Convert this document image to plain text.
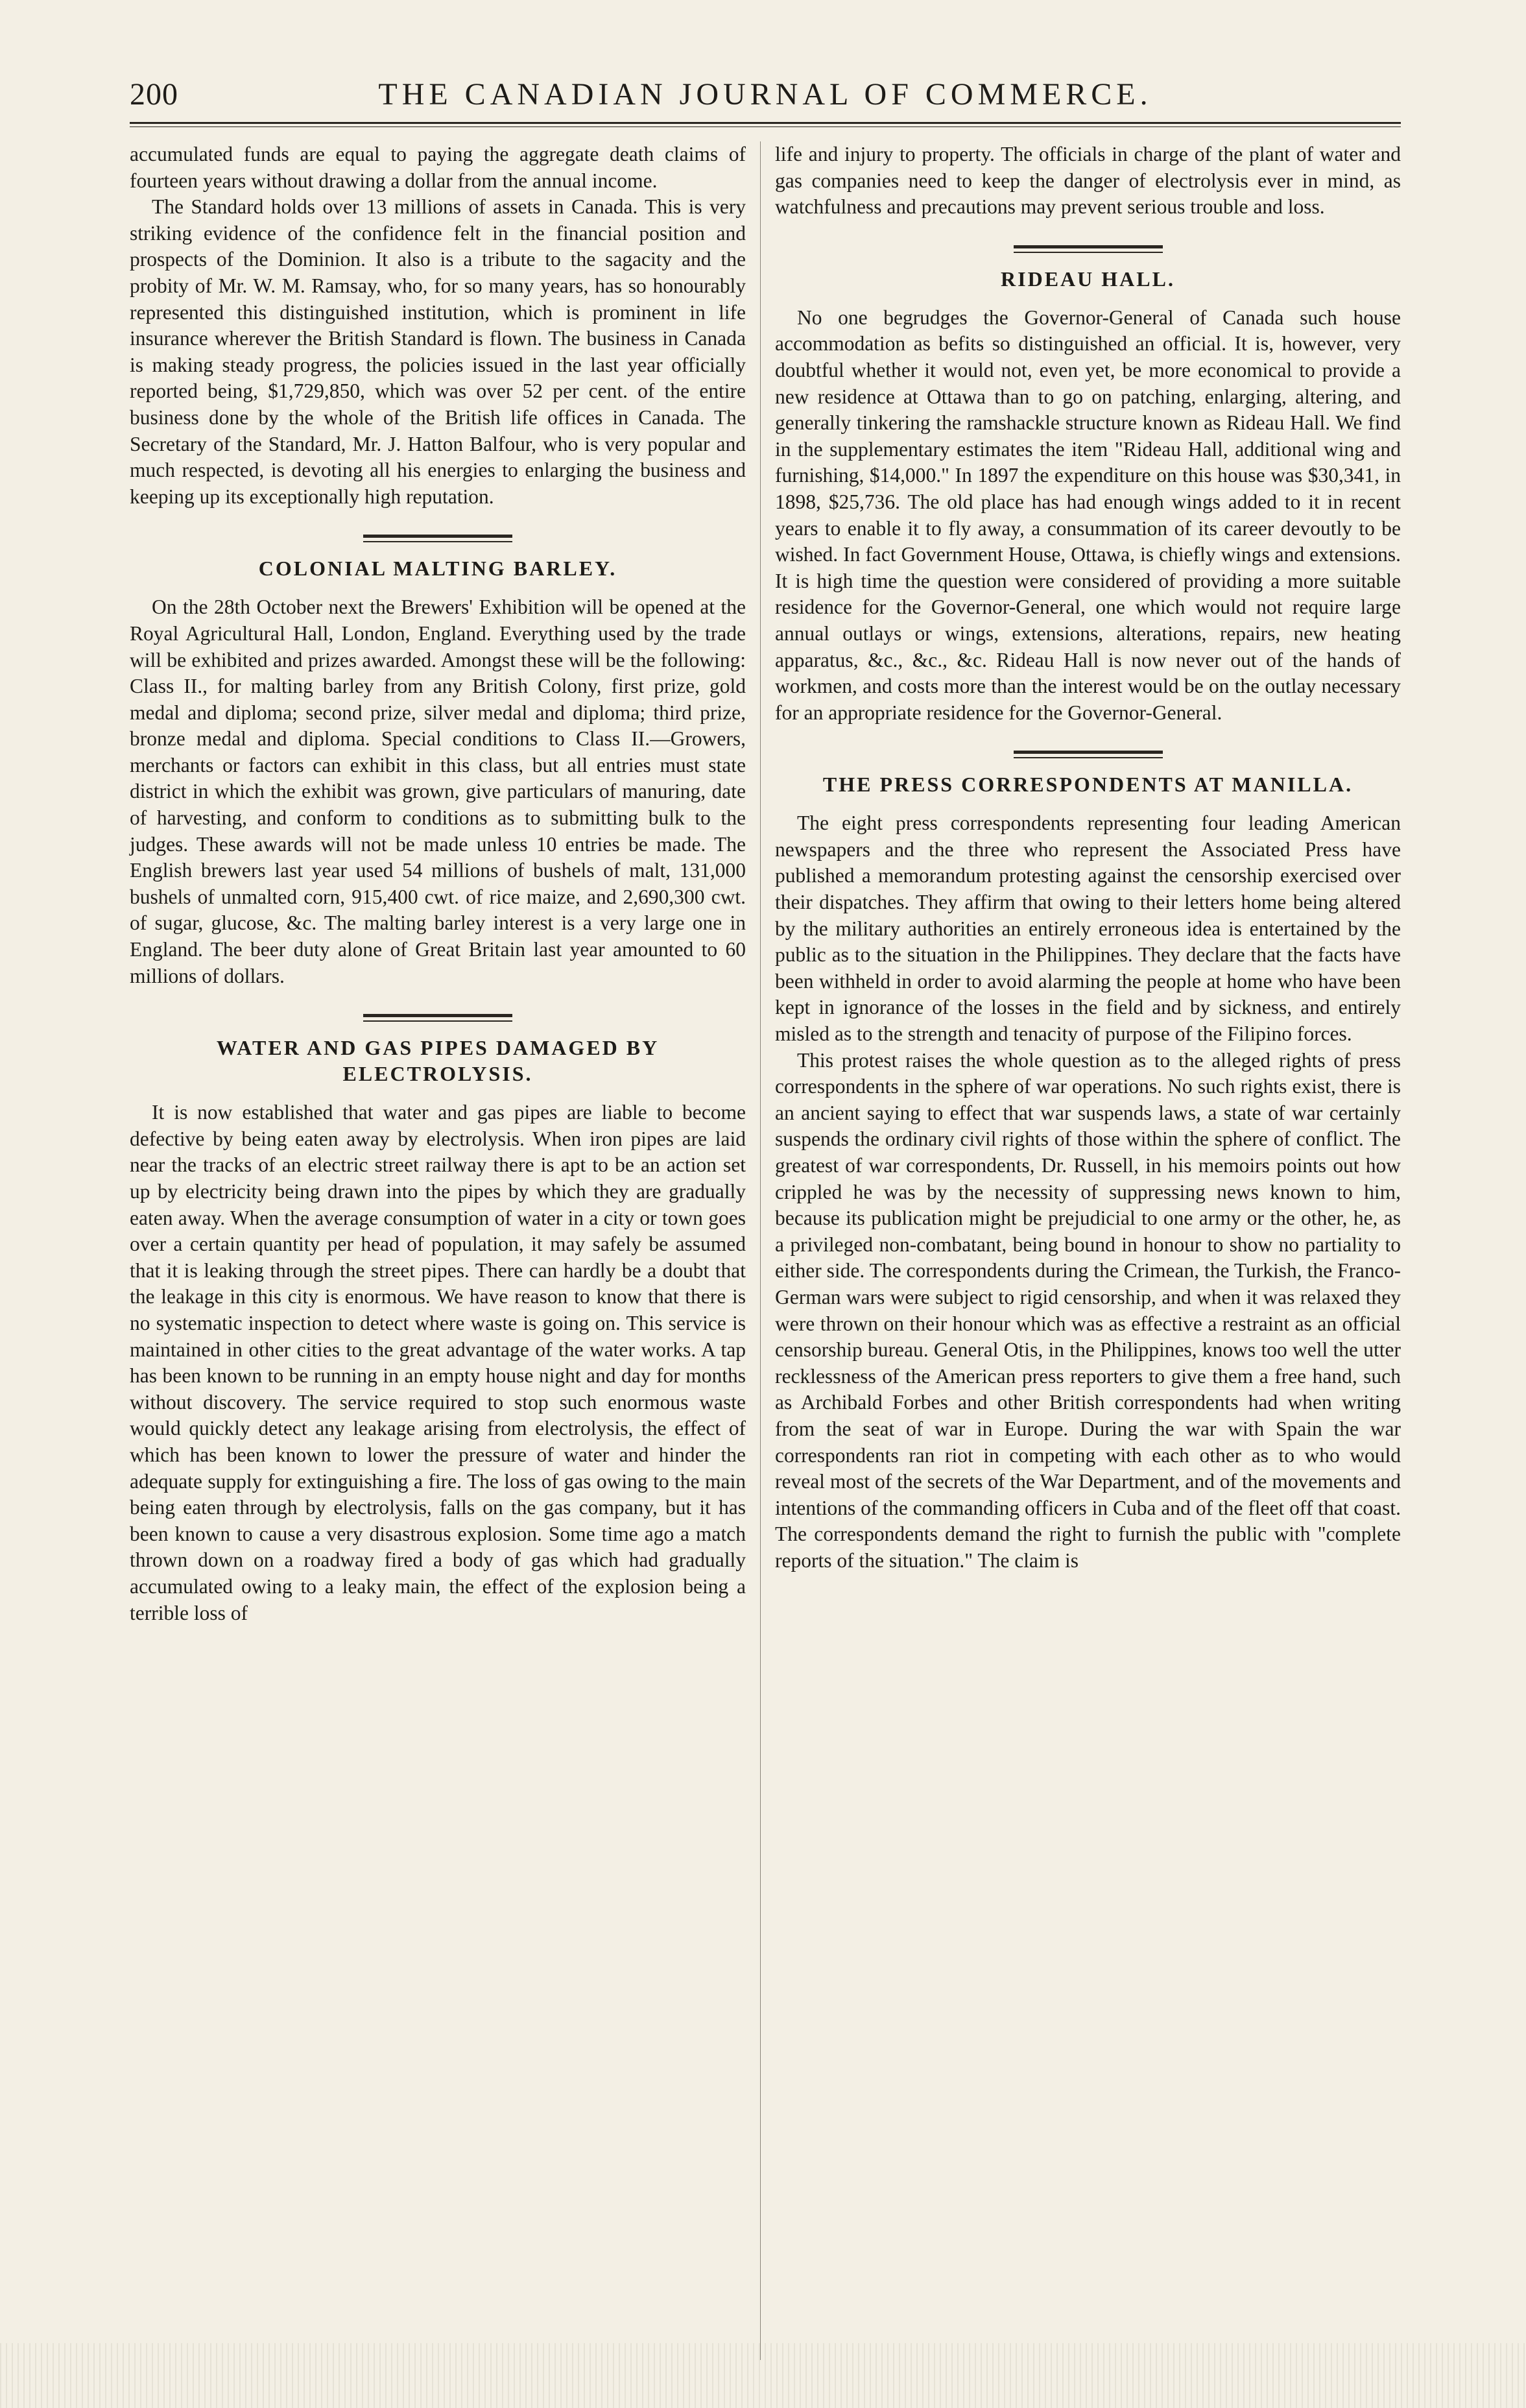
200	THE CANADIAN JOURNAL OF COMMERCE.

accumulated funds are equal to paying the aggregate death claims of fourteen years without drawing a dollar from the annual income.

The Standard holds over 13 millions of assets in Canada. This is very striking evidence of the confidence felt in the financial position and prospects of the Dominion. It also is a tribute to the sagacity and the probity of Mr. W. M. Ramsay, who, for so many years, has so honourably represented this distinguished institution, which is prominent in life insurance wherever the British Standard is flown. The business in Canada is making steady progress, the policies issued in the last year officially reported being, $1,729,850, which was over 52 per cent. of the entire business done by the whole of the British life offices in Canada. The Secretary of the Standard, Mr. J. Hatton Balfour, who is very popular and much respected, is devoting all his energies to enlarging the business and keeping up its exceptionally high reputation.

COLONIAL MALTING BARLEY.

On the 28th October next the Brewers' Exhibition will be opened at the Royal Agricultural Hall, London, England. Everything used by the trade will be exhibited and prizes awarded. Amongst these will be the following: Class II., for malting barley from any British Colony, first prize, gold medal and diploma; second prize, silver medal and diploma; third prize, bronze medal and diploma. Special conditions to Class II.—Growers, merchants or factors can exhibit in this class, but all entries must state district in which the exhibit was grown, give particulars of manuring, date of harvesting, and conform to conditions as to submitting bulk to the judges. These awards will not be made unless 10 entries be made. The English brewers last year used 54 millions of bushels of malt, 131,000 bushels of unmalted corn, 915,400 cwt. of rice maize, and 2,690,300 cwt. of sugar, glucose, &c. The malting barley interest is a very large one in England. The beer duty alone of Great Britain last year amounted to 60 millions of dollars.

WATER AND GAS PIPES DAMAGED BY
ELECTROLYSIS.

It is now established that water and gas pipes are liable to become defective by being eaten away by electrolysis. When iron pipes are laid near the tracks of an electric street railway there is apt to be an action set up by electricity being drawn into the pipes by which they are gradually eaten away. When the average consumption of water in a city or town goes over a certain quantity per head of population, it may safely be assumed that it is leaking through the street pipes. There can hardly be a doubt that the leakage in this city is enormous. We have reason to know that there is no systematic inspection to detect where waste is going on. This service is maintained in other cities to the great advantage of the water works. A tap has been known to be running in an empty house night and day for months without discovery. The service required to stop such enormous waste would quickly detect any leakage arising from electrolysis, the effect of which has been known to lower the pressure of water and hinder the adequate supply for extinguishing a fire. The loss of gas owing to the main being eaten through by electrolysis, falls on the gas company, but it has been known to cause a very disastrous explosion. Some time ago a match thrown down on a roadway fired a body of gas which had gradually accumulated owing to a leaky main, the effect of the explosion being a terrible loss of

life and injury to property. The officials in charge of the plant of water and gas companies need to keep the danger of electrolysis ever in mind, as watchfulness and precautions may prevent serious trouble and loss.

RIDEAU HALL.

No one begrudges the Governor-General of Canada such house accommodation as befits so distinguished an official. It is, however, very doubtful whether it would not, even yet, be more economical to provide a new residence at Ottawa than to go on patching, enlarging, altering, and generally tinkering the ramshackle structure known as Rideau Hall. We find in the supplementary estimates the item "Rideau Hall, additional wing and furnishing, $14,000." In 1897 the expenditure on this house was $30,341, in 1898, $25,736. The old place has had enough wings added to it in recent years to enable it to fly away, a consummation of its career devoutly to be wished. In fact Government House, Ottawa, is chiefly wings and extensions. It is high time the question were considered of providing a more suitable residence for the Governor-General, one which would not require large annual outlays or wings, extensions, alterations, repairs, new heating apparatus, &c., &c., &c. Rideau Hall is now never out of the hands of workmen, and costs more than the interest would be on the outlay necessary for an appropriate residence for the Governor-General.

THE PRESS CORRESPONDENTS AT MANILLA.

The eight press correspondents representing four leading American newspapers and the three who represent the Associated Press have published a memorandum protesting against the censorship exercised over their dispatches. They affirm that owing to their letters home being altered by the military authorities an entirely erroneous idea is entertained by the public as to the situation in the Philippines. They declare that the facts have been withheld in order to avoid alarming the people at home who have been kept in ignorance of the losses in the field and by sickness, and entirely misled as to the strength and tenacity of purpose of the Filipino forces.

This protest raises the whole question as to the alleged rights of press correspondents in the sphere of war operations. No such rights exist, there is an ancient saying to effect that war suspends laws, a state of war certainly suspends the ordinary civil rights of those within the sphere of conflict. The greatest of war correspondents, Dr. Russell, in his memoirs points out how crippled he was by the necessity of suppressing news known to him, because its publication might be prejudicial to one army or the other, he, as a privileged non-combatant, being bound in honour to show no partiality to either side. The correspondents during the Crimean, the Turkish, the Franco-German wars were subject to rigid censorship, and when it was relaxed they were thrown on their honour which was as effective a restraint as an official censorship bureau. General Otis, in the Philippines, knows too well the utter recklessness of the American press reporters to give them a free hand, such as Archibald Forbes and other British correspondents had when writing from the seat of war in Europe. During the war with Spain the war correspondents ran riot in competing with each other as to who would reveal most of the secrets of the War Department, and of the movements and intentions of the commanding officers in Cuba and of the fleet off that coast. The correspondents demand the right to furnish the public with "complete reports of the situation." The claim is
